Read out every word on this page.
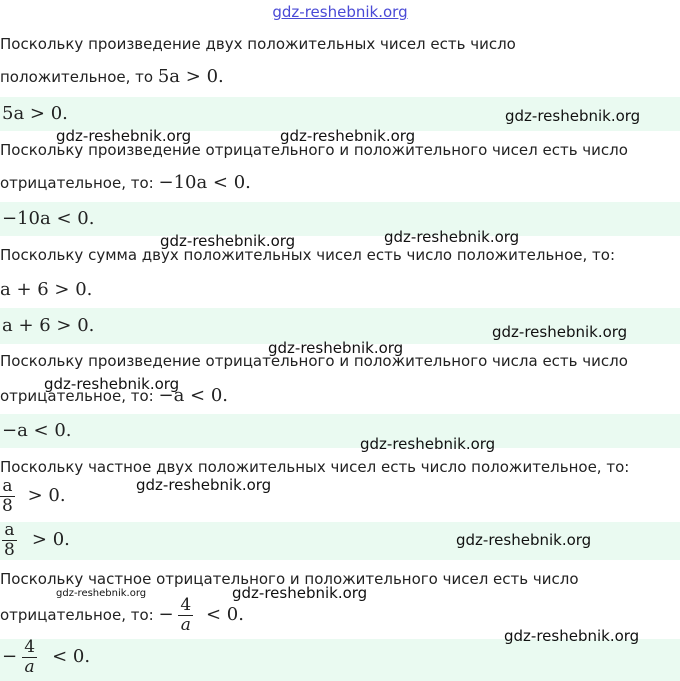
gdz-reshebnik.org
Поскольку произведение двух положительных чисел есть число
положительное, то 5a > 0.
5a > 0.
Поскольку произведение отрицательного и положительного чисел есть число
отрицательное, то: −10a < 0.
−10a < 0.
Поскольку сумма двух положительных чисел есть число положительное, то:
a + 6 > 0.
a + 6 > 0.
Поскольку произведение отрицательного и положительного числа есть число
отрицательное, то: −a < 0.
−a < 0.
Поскольку частное двух положительных чисел есть число положительное, то:
$\frac{a}{8} > 0$.
$\frac{a}{8} > 0$.
Поскольку частное отрицательного и положительного чисел есть число
отрицательное, то: − $\frac{4}{a} < 0$.
− $\frac{4}{a} < 0$.
gdz-reshebnik.org
gdz-reshebnik.org	gdz-reshebnik.org
gdz-reshebnik.org	gdz-reshebnik.org
gdz-reshebnik.org
gdz-reshebnik.org
gdz-reshebnik.org
gdz-reshebnik.org
gdz-reshebnik.org
gdz-reshebnik.org
gdz-reshebnik.org	gdz-reshebnik.org
gdz-reshebnik.org
